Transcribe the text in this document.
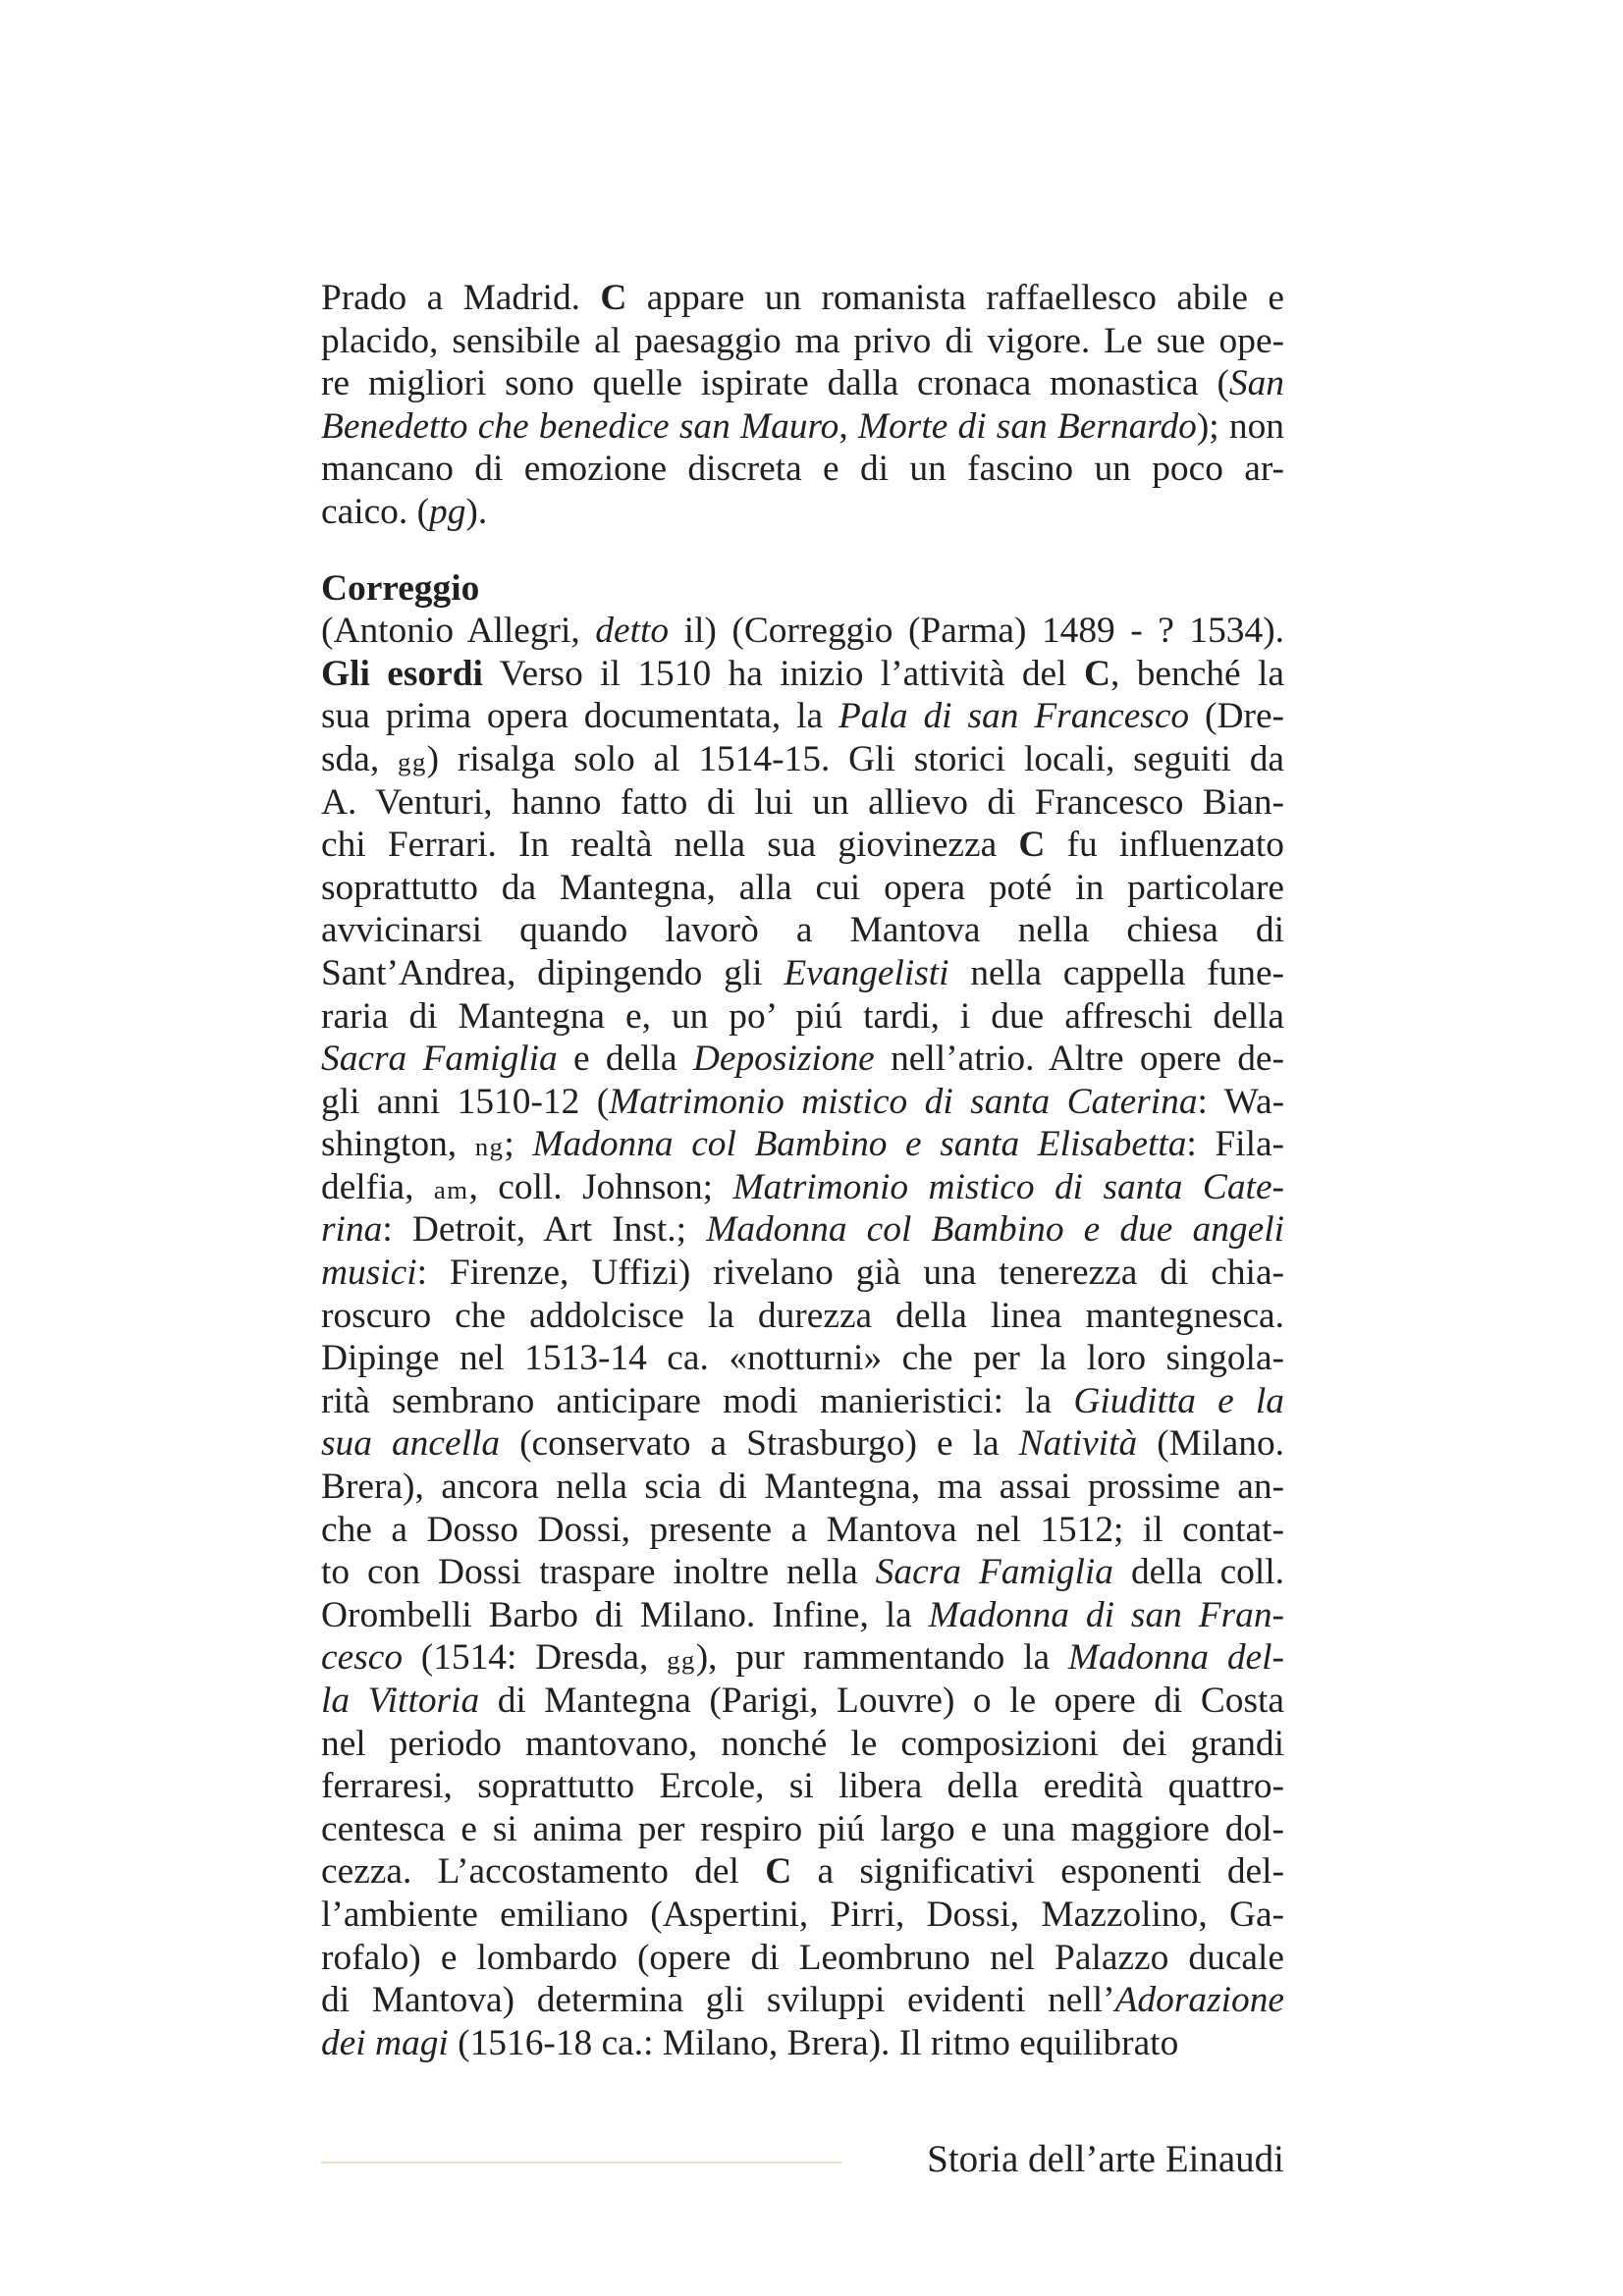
Prado a Madrid. C appare un romanista raffaellesco abile e
placido, sensibile al paesaggio ma privo di vigore. Le sue ope-
re migliori sono quelle ispirate dalla cronaca monastica (San
Benedetto che benedice san Mauro, Morte di san Bernardo); non
mancano di emozione discreta e di un fascino un poco ar-
caico. (pg).
Correggio
(Antonio Allegri, detto il) (Correggio (Parma) 1489 - ? 1534).
Gli esordi Verso il 1510 ha inizio l’attività del C, benché la
sua prima opera documentata, la Pala di san Francesco (Dre-
sda, gg) risalga solo al 1514-15. Gli storici locali, seguiti da
A. Venturi, hanno fatto di lui un allievo di Francesco Bian-
chi Ferrari. In realtà nella sua giovinezza C fu influenzato
soprattutto da Mantegna, alla cui opera poté in particolare
avvicinarsi quando lavorò a Mantova nella chiesa di
Sant’Andrea, dipingendo gli Evangelisti nella cappella fune-
raria di Mantegna e, un po’ piú tardi, i due affreschi della
Sacra Famiglia e della Deposizione nell’atrio. Altre opere de-
gli anni 1510-12 (Matrimonio mistico di santa Caterina: Wa-
shington, ng; Madonna col Bambino e santa Elisabetta: Fila-
delfia, am, coll. Johnson; Matrimonio mistico di santa Cate-
rina: Detroit, Art Inst.; Madonna col Bambino e due angeli
musici: Firenze, Uffizi) rivelano già una tenerezza di chia-
roscuro che addolcisce la durezza della linea mantegnesca.
Dipinge nel 1513-14 ca. «notturni» che per la loro singola-
rità sembrano anticipare modi manieristici: la Giuditta e la
sua ancella (conservato a Strasburgo) e la Natività (Milano.
Brera), ancora nella scia di Mantegna, ma assai prossime an-
che a Dosso Dossi, presente a Mantova nel 1512; il contat-
to con Dossi traspare inoltre nella Sacra Famiglia della coll.
Orombelli Barbo di Milano. Infine, la Madonna di san Fran-
cesco (1514: Dresda, gg), pur rammentando la Madonna del-
la Vittoria di Mantegna (Parigi, Louvre) o le opere di Costa
nel periodo mantovano, nonché le composizioni dei grandi
ferraresi, soprattutto Ercole, si libera della eredità quattro-
centesca e si anima per respiro piú largo e una maggiore dol-
cezza. L’accostamento del C a significativi esponenti del-
l’ambiente emiliano (Aspertini, Pirri, Dossi, Mazzolino, Ga-
rofalo) e lombardo (opere di Leombruno nel Palazzo ducale
di Mantova) determina gli sviluppi evidenti nell’Adorazione
dei magi (1516-18 ca.: Milano, Brera). Il ritmo equilibrato
Storia dell’arte Einaudi
